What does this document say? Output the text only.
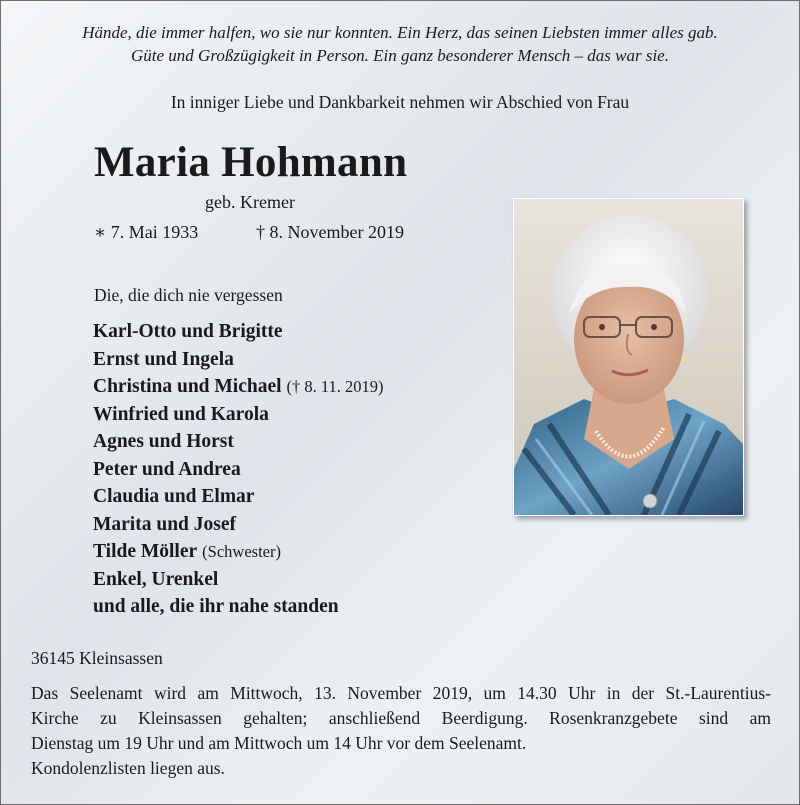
Hände, die immer halfen, wo sie nur konnten. Ein Herz, das seinen Liebsten immer alles gab.
Güte und Großzügigkeit in Person. Ein ganz besonderer Mensch – das war sie.
In inniger Liebe und Dankbarkeit nehmen wir Abschied von Frau
Maria Hohmann
geb. Kremer
∗ 7. Mai 1933	† 8. November 2019
Die, die dich nie vergessen
Karl-Otto und Brigitte
Ernst und Ingela
Christina und Michael († 8. 11. 2019)
Winfried und Karola
Agnes und Horst
Peter und Andrea
Claudia und Elmar
Marita und Josef
Tilde Möller (Schwester)
Enkel, Urenkel
und alle, die ihr nahe standen
36145 Kleinsassen
Das Seelenamt wird am Mittwoch, 13. November 2019, um 14.30 Uhr in der St.-Laurentius-
Kirche zu Kleinsassen gehalten; anschließend Beerdigung. Rosenkranzgebete sind am
Dienstag um 19 Uhr und am Mittwoch um 14 Uhr vor dem Seelenamt.
Kondolenzlisten liegen aus.
